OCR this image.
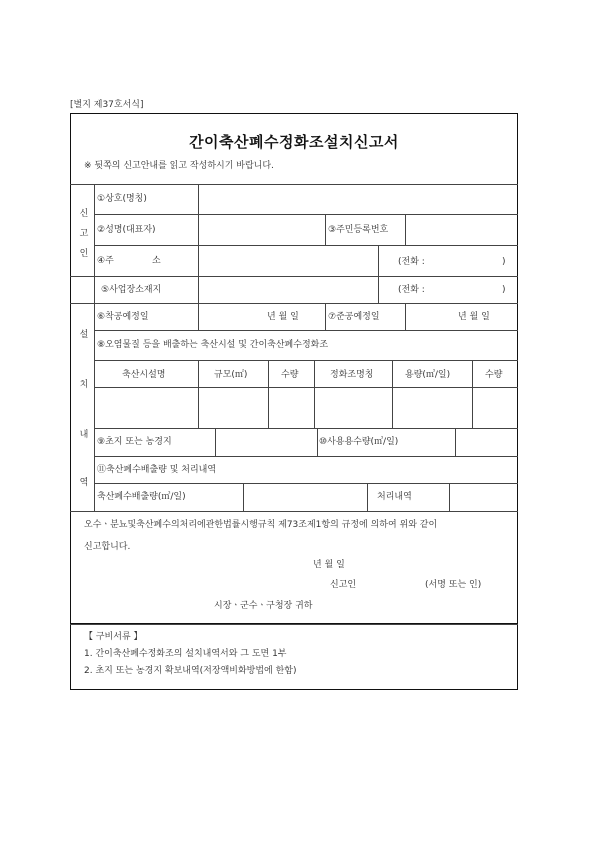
[별지 제37호서식]
간이축산폐수정화조설치신고서
※ 뒷쪽의 신고안내를 읽고 작성하시기 바랍니다.
신
고
인
①상호(명칭)
②성명(대표자)	③주민등록번호
④주	소	(전화 :	)
⑤사업장소재지	(전화 :	)
설
치
내
역
⑥착공예정일	년 월 일	⑦준공예정일	년 월 일
⑧오염물질 등을 배출하는 축산시설 및 간이축산폐수정화조
축산시설명	규모(㎡)	수량	정화조명칭	용량(㎥/일)	수량
⑨초지 또는 농경지	⑩사용용수량(㎥/일)
⑪축산폐수배출량 및 처리내역
축산폐수배출량(㎥/일)	처리내역
오수ㆍ분뇨및축산폐수의처리에관한법률시행규칙 제73조제1항의 규정에 의하여 위와 같이
신고합니다.
년 월 일
신고인	(서명 또는 인)
시장ㆍ군수ㆍ구청장 귀하
【 구비서류 】
1. 간이축산폐수정화조의 설치내역서와 그 도면 1부
2. 초지 또는 농경지 확보내역(저장액비화방법에 한함)
